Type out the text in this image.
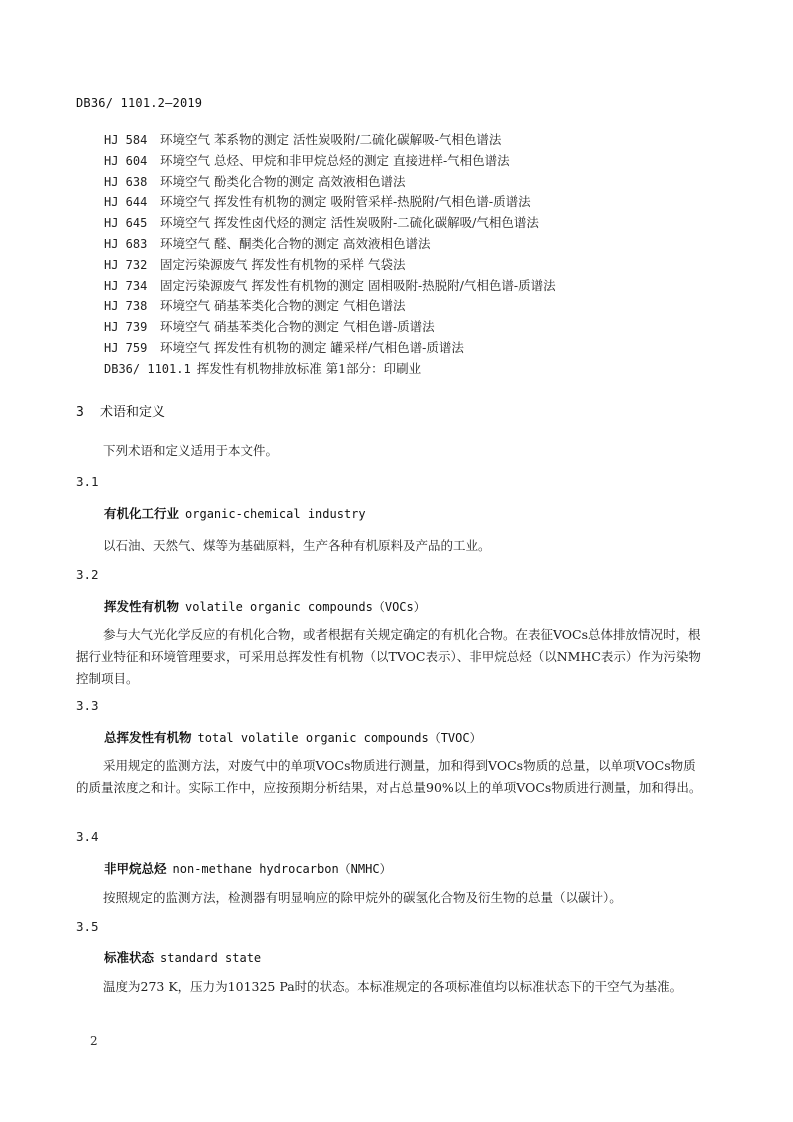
DB36/ 1101.2—2019
HJ 584 环境空气 苯系物的测定 活性炭吸附/二硫化碳解吸-气相色谱法
HJ 604 环境空气 总烃、甲烷和非甲烷总烃的测定 直接进样-气相色谱法
HJ 638 环境空气 酚类化合物的测定 高效液相色谱法
HJ 644 环境空气 挥发性有机物的测定 吸附管采样-热脱附/气相色谱-质谱法
HJ 645 环境空气 挥发性卤代烃的测定 活性炭吸附-二硫化碳解吸/气相色谱法
HJ 683 环境空气 醛、酮类化合物的测定 高效液相色谱法
HJ 732 固定污染源废气 挥发性有机物的采样 气袋法
HJ 734 固定污染源废气 挥发性有机物的测定 固相吸附-热脱附/气相色谱-质谱法
HJ 738 环境空气 硝基苯类化合物的测定 气相色谱法
HJ 739 环境空气 硝基苯类化合物的测定 气相色谱-质谱法
HJ 759 环境空气 挥发性有机物的测定 罐采样/气相色谱-质谱法
DB36/ 1101.1 挥发性有机物排放标准 第1部分：印刷业
3 术语和定义
下列术语和定义适用于本文件。
3.1
有机化工行业 organic-chemical industry
以石油、天然气、煤等为基础原料，生产各种有机原料及产品的工业。
3.2
挥发性有机物 volatile organic compounds（VOCs）
参与大气光化学反应的有机化合物，或者根据有关规定确定的有机化合物。在表征VOCs总体排放情况时，根据行业特征和环境管理要求，可采用总挥发性有机物（以TVOC表示）、非甲烷总烃（以NMHC表示）作为污染物控制项目。
3.3
总挥发性有机物 total volatile organic compounds（TVOC）
采用规定的监测方法，对废气中的单项VOCs物质进行测量，加和得到VOCs物质的总量，以单项VOCs物质的质量浓度之和计。实际工作中，应按预期分析结果，对占总量90%以上的单项VOCs物质进行测量，加和得出。
3.4
非甲烷总烃 non-methane hydrocarbon（NMHC）
按照规定的监测方法，检测器有明显响应的除甲烷外的碳氢化合物及衍生物的总量（以碳计）。
3.5
标准状态 standard state
温度为273 K，压力为101325 Pa时的状态。本标准规定的各项标准值均以标准状态下的干空气为基准。
2
